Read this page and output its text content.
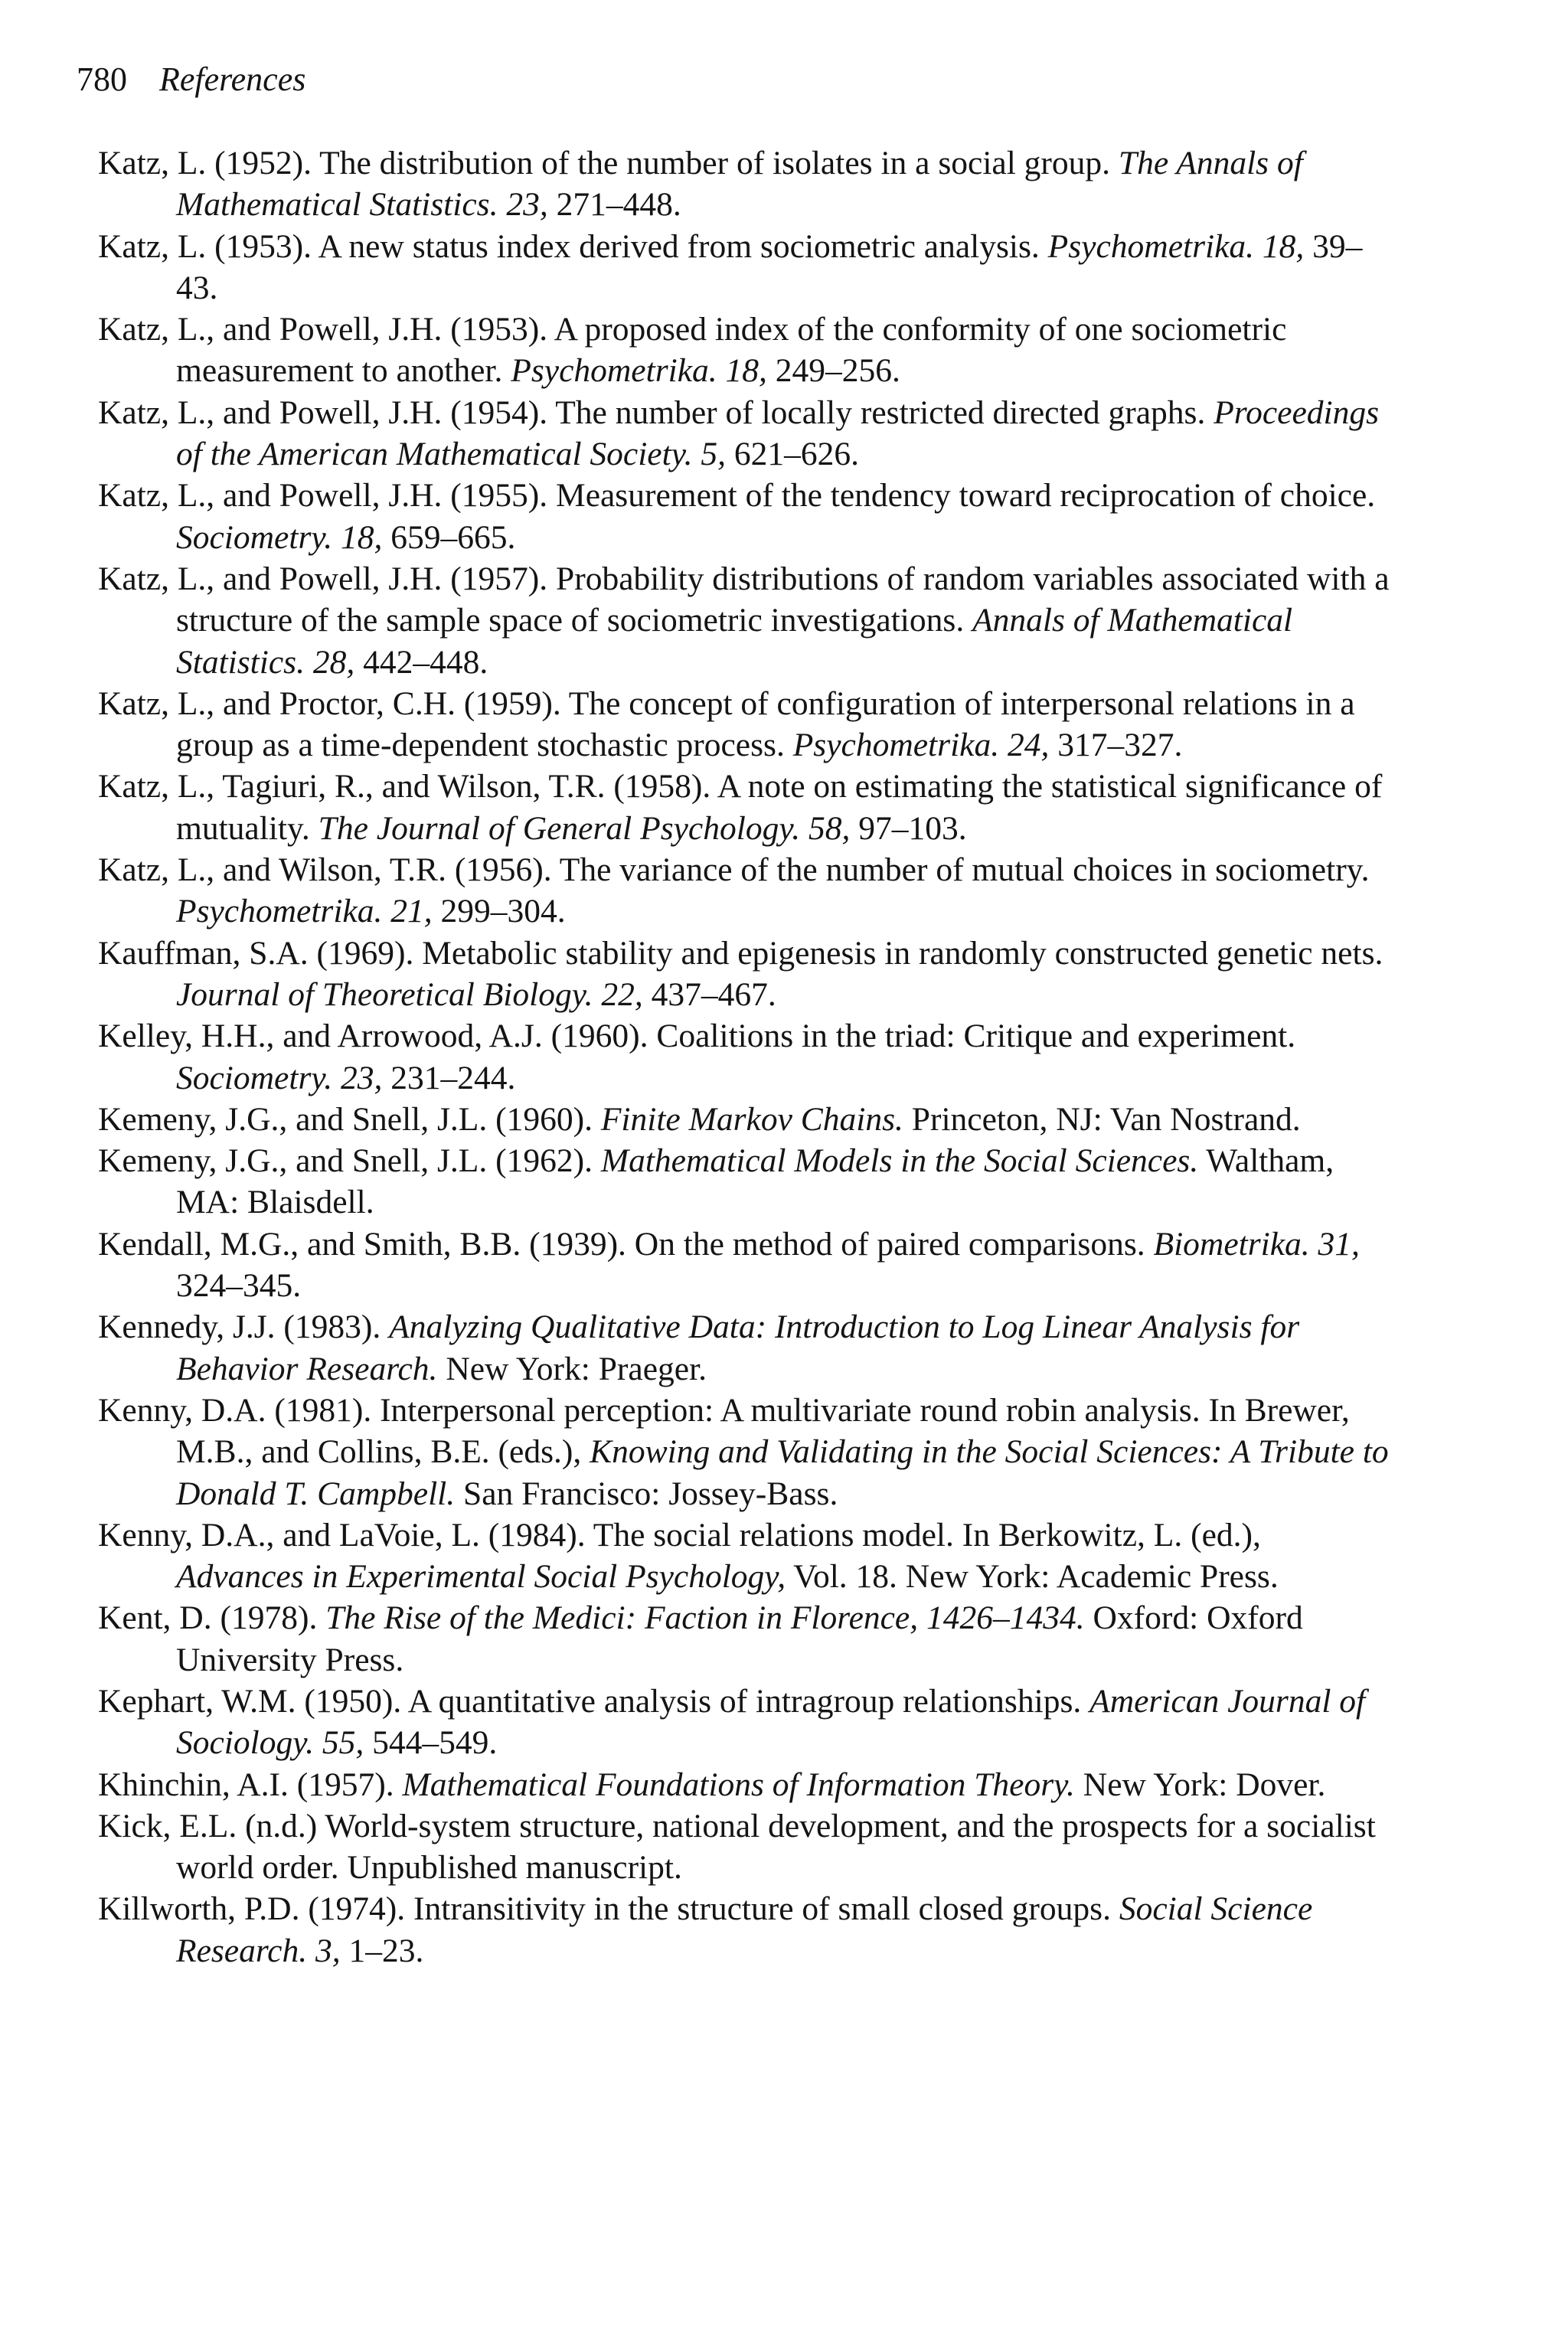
780 References
Katz, L. (1952). The distribution of the number of isolates in a social group. The Annals of Mathematical Statistics. 23, 271–448.
Katz, L. (1953). A new status index derived from sociometric analysis. Psychometrika. 18, 39–43.
Katz, L., and Powell, J.H. (1953). A proposed index of the conformity of one sociometric measurement to another. Psychometrika. 18, 249–256.
Katz, L., and Powell, J.H. (1954). The number of locally restricted directed graphs. Proceedings of the American Mathematical Society. 5, 621–626.
Katz, L., and Powell, J.H. (1955). Measurement of the tendency toward reciprocation of choice. Sociometry. 18, 659–665.
Katz, L., and Powell, J.H. (1957). Probability distributions of random variables associated with a structure of the sample space of sociometric investigations. Annals of Mathematical Statistics. 28, 442–448.
Katz, L., and Proctor, C.H. (1959). The concept of configuration of interpersonal relations in a group as a time-dependent stochastic process. Psychometrika. 24, 317–327.
Katz, L., Tagiuri, R., and Wilson, T.R. (1958). A note on estimating the statistical significance of mutuality. The Journal of General Psychology. 58, 97–103.
Katz, L., and Wilson, T.R. (1956). The variance of the number of mutual choices in sociometry. Psychometrika. 21, 299–304.
Kauffman, S.A. (1969). Metabolic stability and epigenesis in randomly constructed genetic nets. Journal of Theoretical Biology. 22, 437–467.
Kelley, H.H., and Arrowood, A.J. (1960). Coalitions in the triad: Critique and experiment. Sociometry. 23, 231–244.
Kemeny, J.G., and Snell, J.L. (1960). Finite Markov Chains. Princeton, NJ: Van Nostrand.
Kemeny, J.G., and Snell, J.L. (1962). Mathematical Models in the Social Sciences. Waltham, MA: Blaisdell.
Kendall, M.G., and Smith, B.B. (1939). On the method of paired comparisons. Biometrika. 31, 324–345.
Kennedy, J.J. (1983). Analyzing Qualitative Data: Introduction to Log Linear Analysis for Behavior Research. New York: Praeger.
Kenny, D.A. (1981). Interpersonal perception: A multivariate round robin analysis. In Brewer, M.B., and Collins, B.E. (eds.), Knowing and Validating in the Social Sciences: A Tribute to Donald T. Campbell. San Francisco: Jossey-Bass.
Kenny, D.A., and LaVoie, L. (1984). The social relations model. In Berkowitz, L. (ed.), Advances in Experimental Social Psychology, Vol. 18. New York: Academic Press.
Kent, D. (1978). The Rise of the Medici: Faction in Florence, 1426–1434. Oxford: Oxford University Press.
Kephart, W.M. (1950). A quantitative analysis of intragroup relationships. American Journal of Sociology. 55, 544–549.
Khinchin, A.I. (1957). Mathematical Foundations of Information Theory. New York: Dover.
Kick, E.L. (n.d.) World-system structure, national development, and the prospects for a socialist world order. Unpublished manuscript.
Killworth, P.D. (1974). Intransitivity in the structure of small closed groups. Social Science Research. 3, 1–23.
